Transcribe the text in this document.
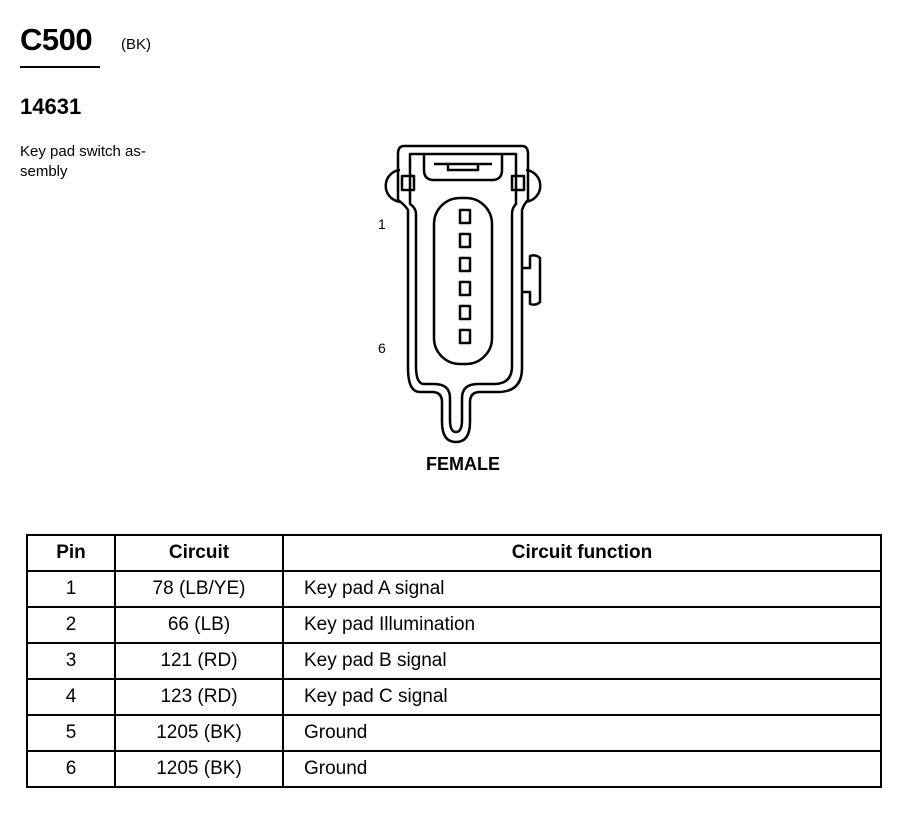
C500 (BK)
14631
Key pad switch as-sembly
1
6
FEMALE
Pin	Circuit	Circuit function
1	78 (LB/YE)	Key pad A signal
2	66 (LB)	Key pad Illumination
3	121 (RD)	Key pad B signal
4	123 (RD)	Key pad C signal
5	1205 (BK)	Ground
6	1205 (BK)	Ground
